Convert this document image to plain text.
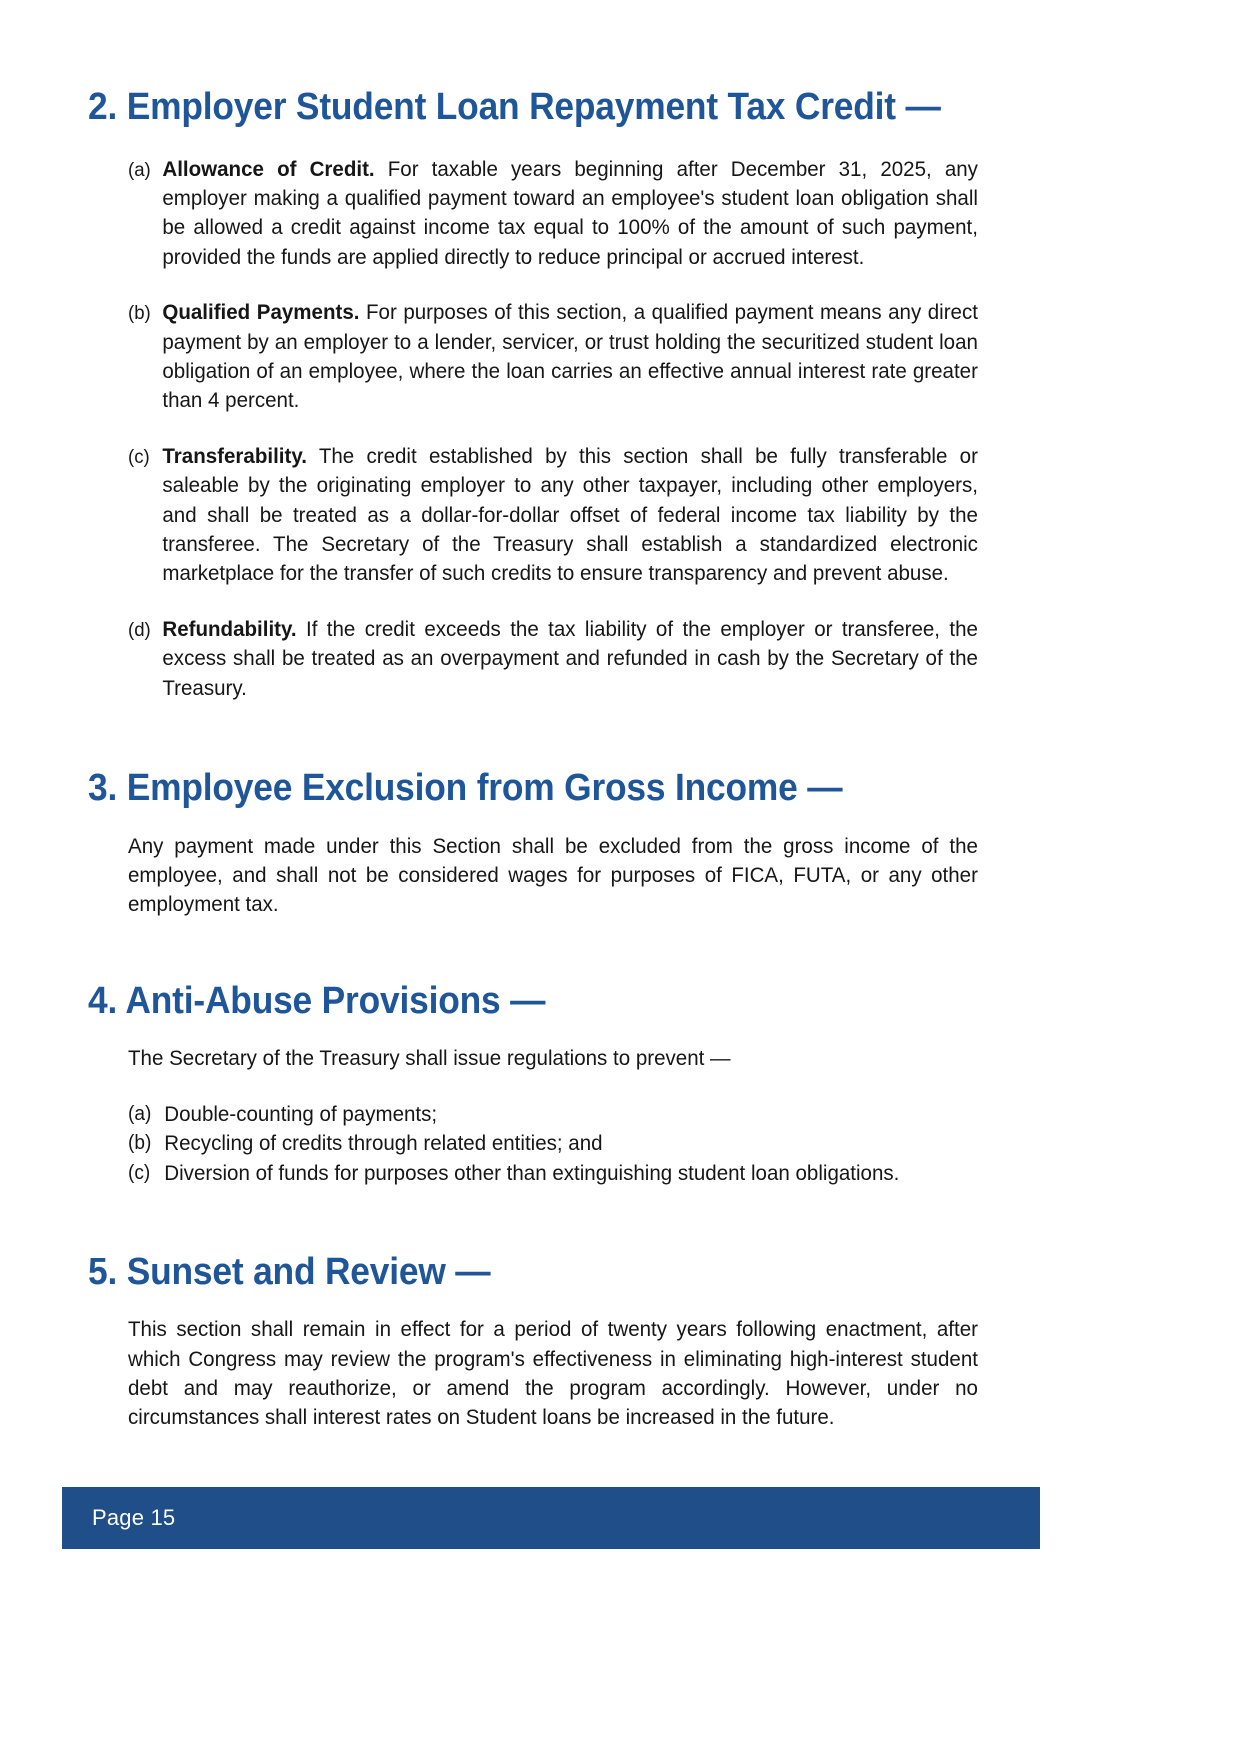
2. Employer Student Loan Repayment Tax Credit —
(a) Allowance of Credit. For taxable years beginning after December 31, 2025, any employer making a qualified payment toward an employee's student loan obligation shall be allowed a credit against income tax equal to 100% of the amount of such payment, provided the funds are applied directly to reduce principal or accrued interest.
(b) Qualified Payments. For purposes of this section, a qualified payment means any direct payment by an employer to a lender, servicer, or trust holding the securitized student loan obligation of an employee, where the loan carries an effective annual interest rate greater than 4 percent.
(c) Transferability. The credit established by this section shall be fully transferable or saleable by the originating employer to any other taxpayer, including other employers, and shall be treated as a dollar-for-dollar offset of federal income tax liability by the transferee. The Secretary of the Treasury shall establish a standardized electronic marketplace for the transfer of such credits to ensure transparency and prevent abuse.
(d) Refundability. If the credit exceeds the tax liability of the employer or transferee, the excess shall be treated as an overpayment and refunded in cash by the Secretary of the Treasury.
3. Employee Exclusion from Gross Income —
Any payment made under this Section shall be excluded from the gross income of the employee, and shall not be considered wages for purposes of FICA, FUTA, or any other employment tax.
4. Anti-Abuse Provisions —
The Secretary of the Treasury shall issue regulations to prevent —
(a) Double-counting of payments;
(b) Recycling of credits through related entities; and
(c) Diversion of funds for purposes other than extinguishing student loan obligations.
5. Sunset and Review —
This section shall remain in effect for a period of twenty years following enactment, after which Congress may review the program's effectiveness in eliminating high-interest student debt and may reauthorize, or amend the program accordingly. However, under no circumstances shall interest rates on Student loans be increased in the future.
Page 15
